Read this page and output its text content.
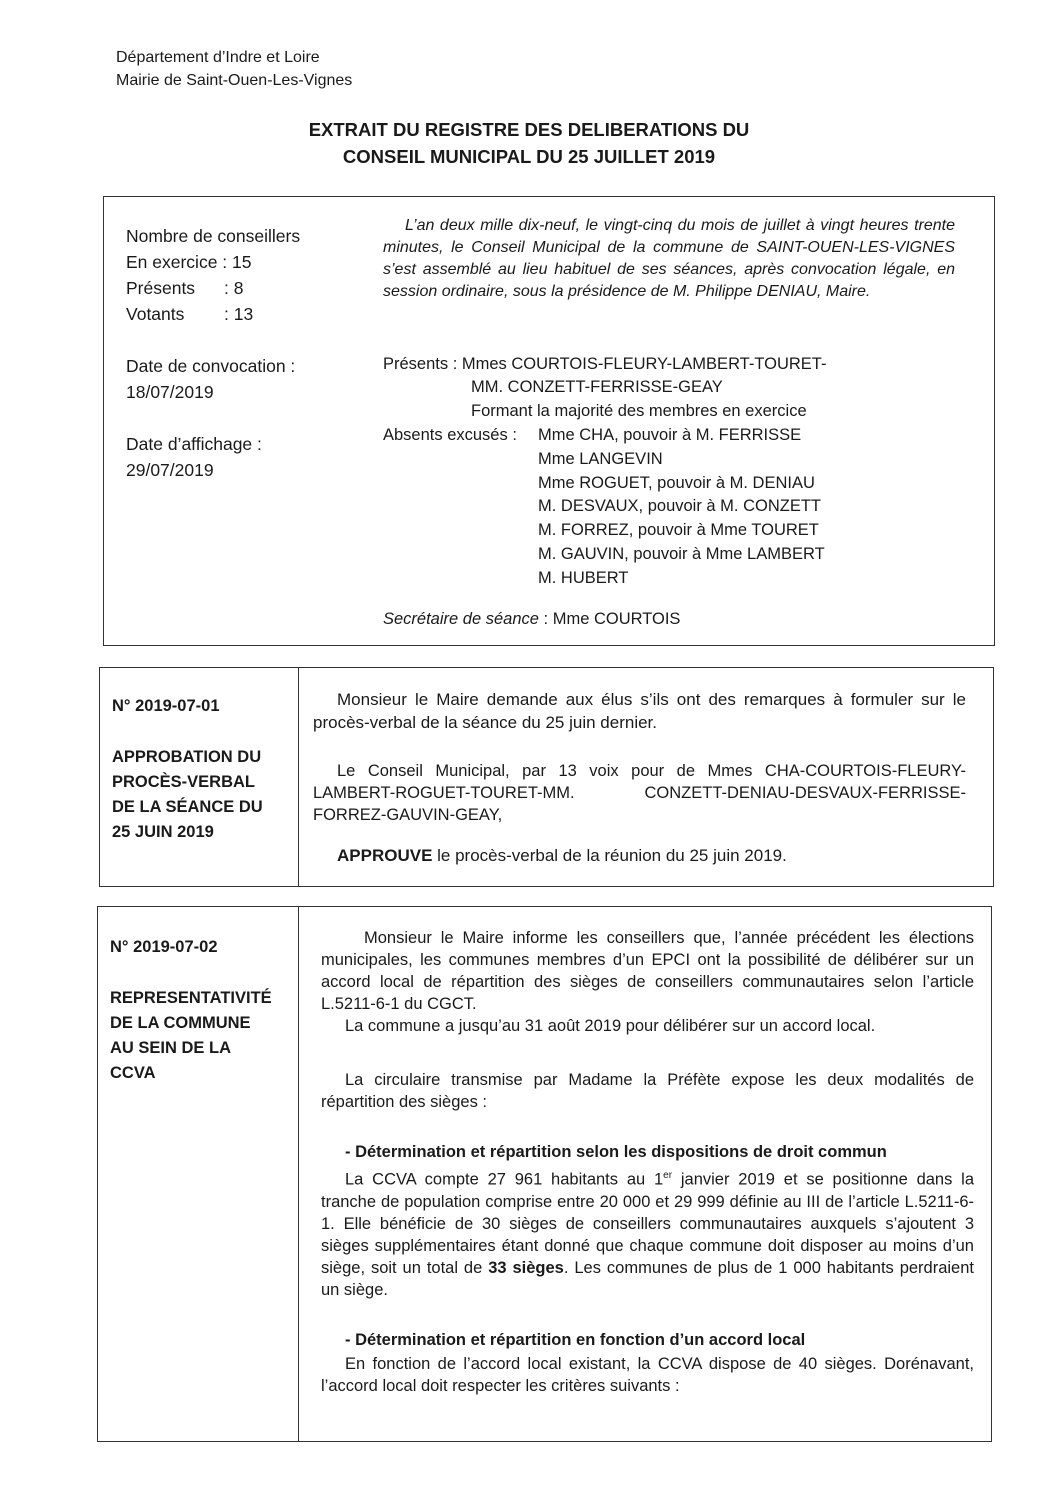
Département d’Indre et Loire
Mairie de Saint-Ouen-Les-Vignes
EXTRAIT DU REGISTRE DES DELIBERATIONS DU
CONSEIL MUNICIPAL DU 25 JUILLET 2019
Nombre de conseillers
En exercice : 15
Présents : 8
Votants : 13
Date de convocation :
18/07/2019
Date d’affichage :
29/07/2019
L’an deux mille dix-neuf, le vingt-cinq du mois de juillet à vingt heures trente minutes, le Conseil Municipal de la commune de SAINT-OUEN-LES-VIGNES s’est assemblé au lieu habituel de ses séances, après convocation légale, en session ordinaire, sous la présidence de M. Philippe DENIAU, Maire.
Présents : Mmes COURTOIS-FLEURY-LAMBERT-TOURET-
MM. CONZETT-FERRISSE-GEAY
Formant la majorité des membres en exercice
Absents excusés : Mme CHA, pouvoir à M. FERRISSE
Mme LANGEVIN
Mme ROGUET, pouvoir à M. DENIAU
M. DESVAUX, pouvoir à M. CONZETT
M. FORREZ, pouvoir à Mme TOURET
M. GAUVIN, pouvoir à Mme LAMBERT
M. HUBERT
Secrétaire de séance : Mme COURTOIS
N° 2019-07-01
APPROBATION DU
PROCÈS-VERBAL
DE LA SÉANCE DU
25 JUIN 2019
Monsieur le Maire demande aux élus s’ils ont des remarques à formuler sur le procès-verbal de la séance du 25 juin dernier.
Le Conseil Municipal, par 13 voix pour de Mmes CHA-COURTOIS-FLEURY-LAMBERT-ROGUET-TOURET-MM. CONZETT-DENIAU-DESVAUX-FERRISSE-FORREZ-GAUVIN-GEAY,
APPROUVE le procès-verbal de la réunion du 25 juin 2019.
N° 2019-07-02
REPRESENTATIVITÉ
DE LA COMMUNE
AU SEIN DE LA
CCVA
Monsieur le Maire informe les conseillers que, l’année précédent les élections municipales, les communes membres d’un EPCI ont la possibilité de délibérer sur un accord local de répartition des sièges de conseillers communautaires selon l’article L.5211-6-1 du CGCT.
La commune a jusqu’au 31 août 2019 pour délibérer sur un accord local.
La circulaire transmise par Madame la Préfète expose les deux modalités de répartition des sièges :
- Détermination et répartition selon les dispositions de droit commun
La CCVA compte 27 961 habitants au 1er janvier 2019 et se positionne dans la tranche de population comprise entre 20 000 et 29 999 définie au III de l’article L.5211-6-1. Elle bénéficie de 30 sièges de conseillers communautaires auxquels s’ajoutent 3 sièges supplémentaires étant donné que chaque commune doit disposer au moins d’un siège, soit un total de 33 sièges. Les communes de plus de 1 000 habitants perdraient un siège.
- Détermination et répartition en fonction d’un accord local
En fonction de l’accord local existant, la CCVA dispose de 40 sièges. Dorénavant, l’accord local doit respecter les critères suivants :
